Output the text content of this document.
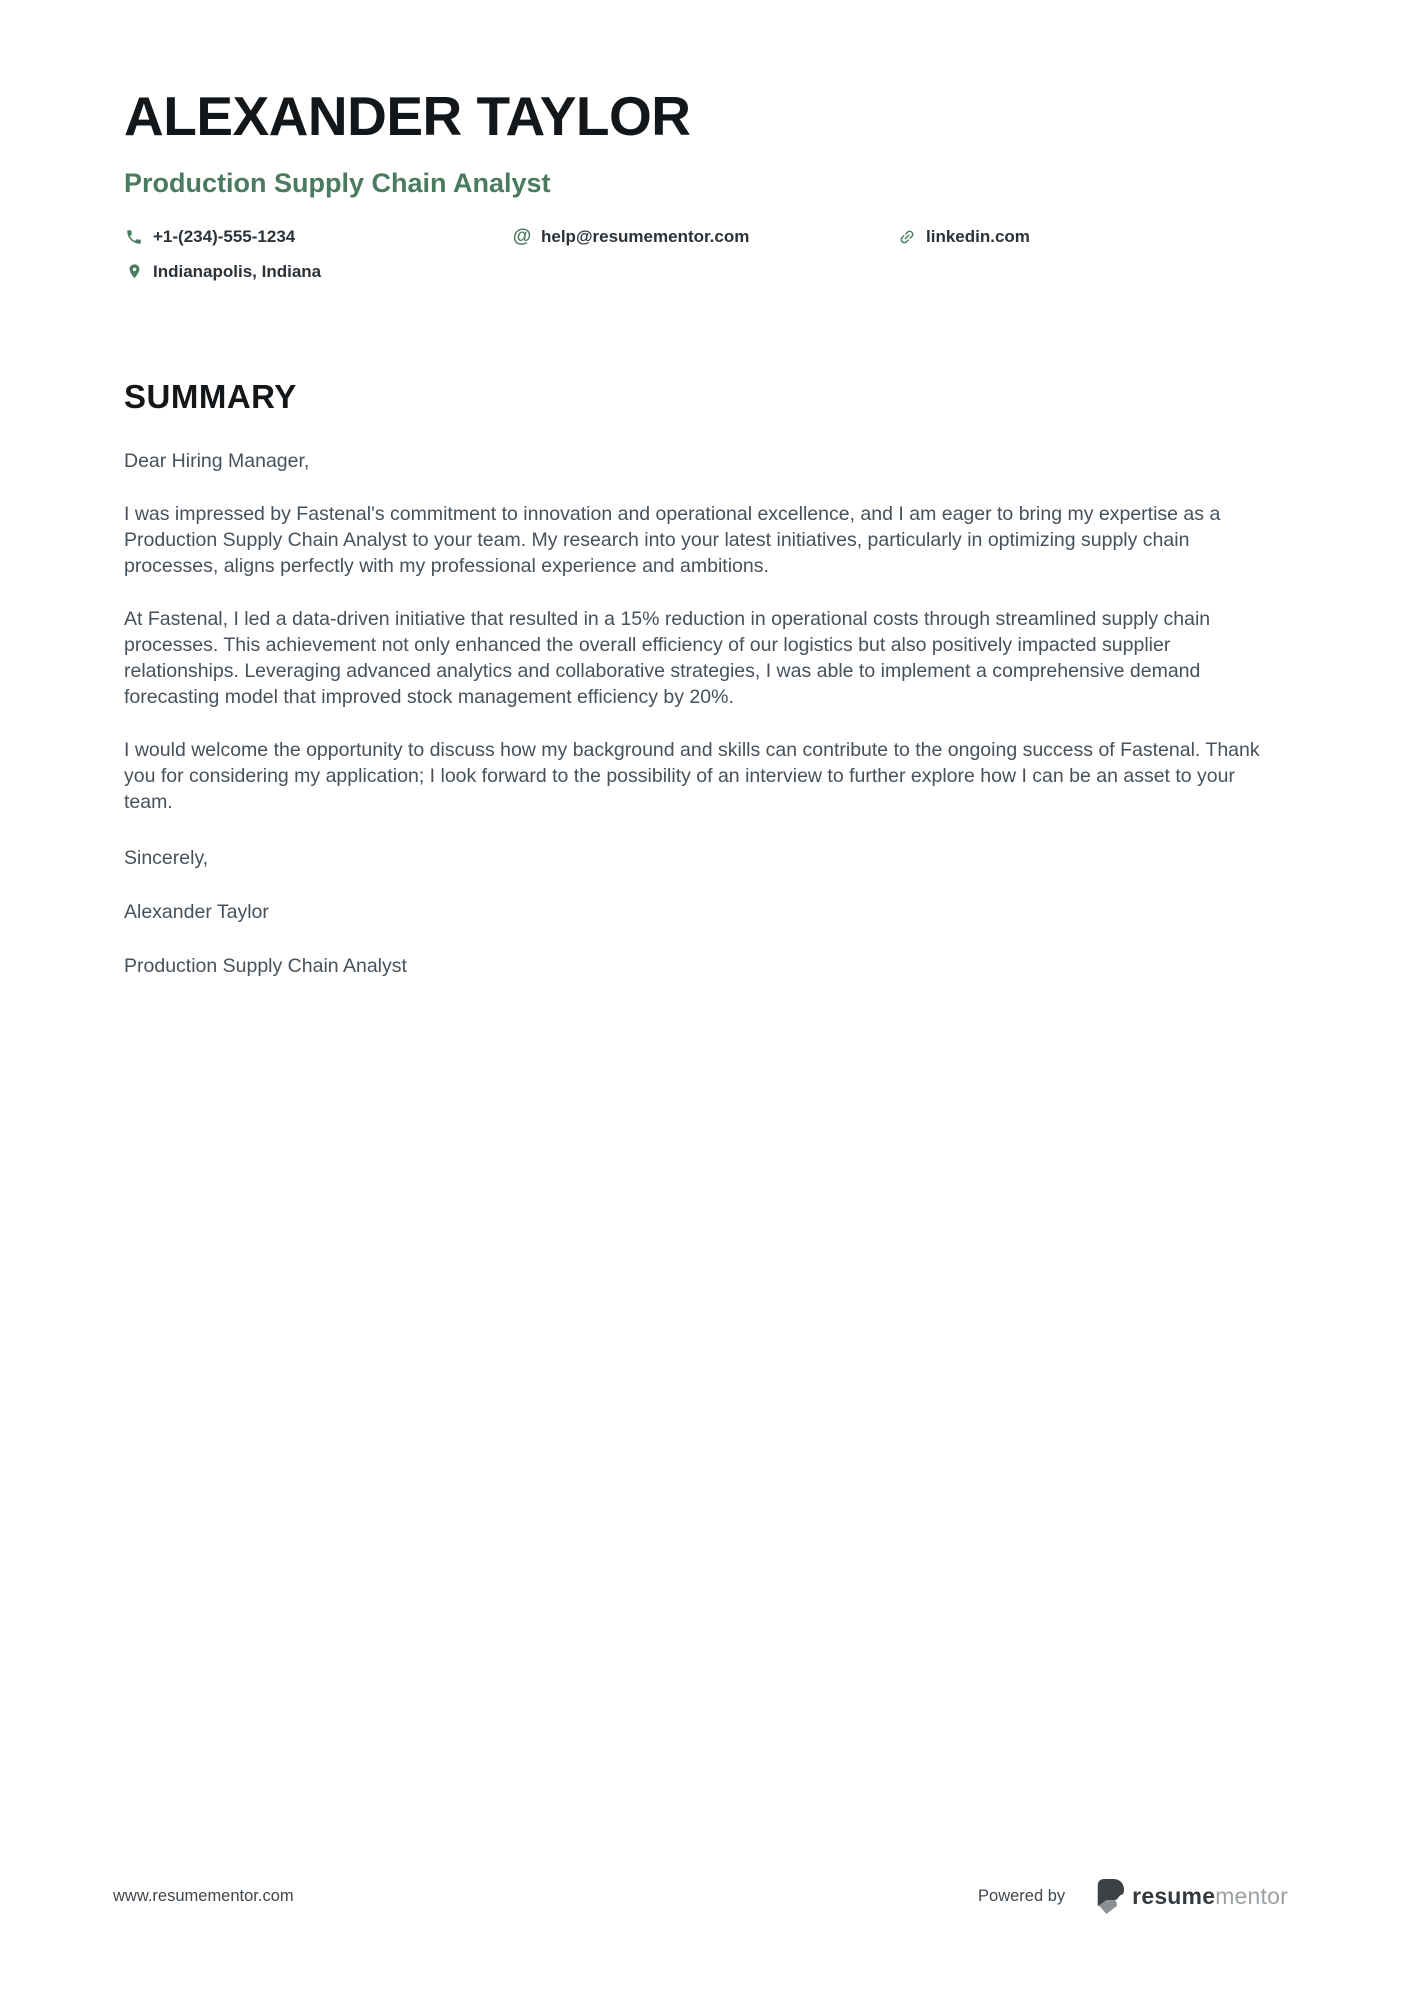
ALEXANDER TAYLOR
Production Supply Chain Analyst
+1-(234)-555-1234	@ help@resumementor.com	linkedin.com
Indianapolis, Indiana
SUMMARY

Dear Hiring Manager,

I was impressed by Fastenal's commitment to innovation and operational excellence, and I am eager to bring my expertise as a Production Supply Chain Analyst to your team. My research into your latest initiatives, particularly in optimizing supply chain processes, aligns perfectly with my professional experience and ambitions.

At Fastenal, I led a data-driven initiative that resulted in a 15% reduction in operational costs through streamlined supply chain processes. This achievement not only enhanced the overall efficiency of our logistics but also positively impacted supplier relationships. Leveraging advanced analytics and collaborative strategies, I was able to implement a comprehensive demand forecasting model that improved stock management efficiency by 20%.

I would welcome the opportunity to discuss how my background and skills can contribute to the ongoing success of Fastenal. Thank you for considering my application; I look forward to the possibility of an interview to further explore how I can be an asset to your team.

Sincerely,

Alexander Taylor

Production Supply Chain Analyst

www.resumementor.com	Powered by	resumementor
